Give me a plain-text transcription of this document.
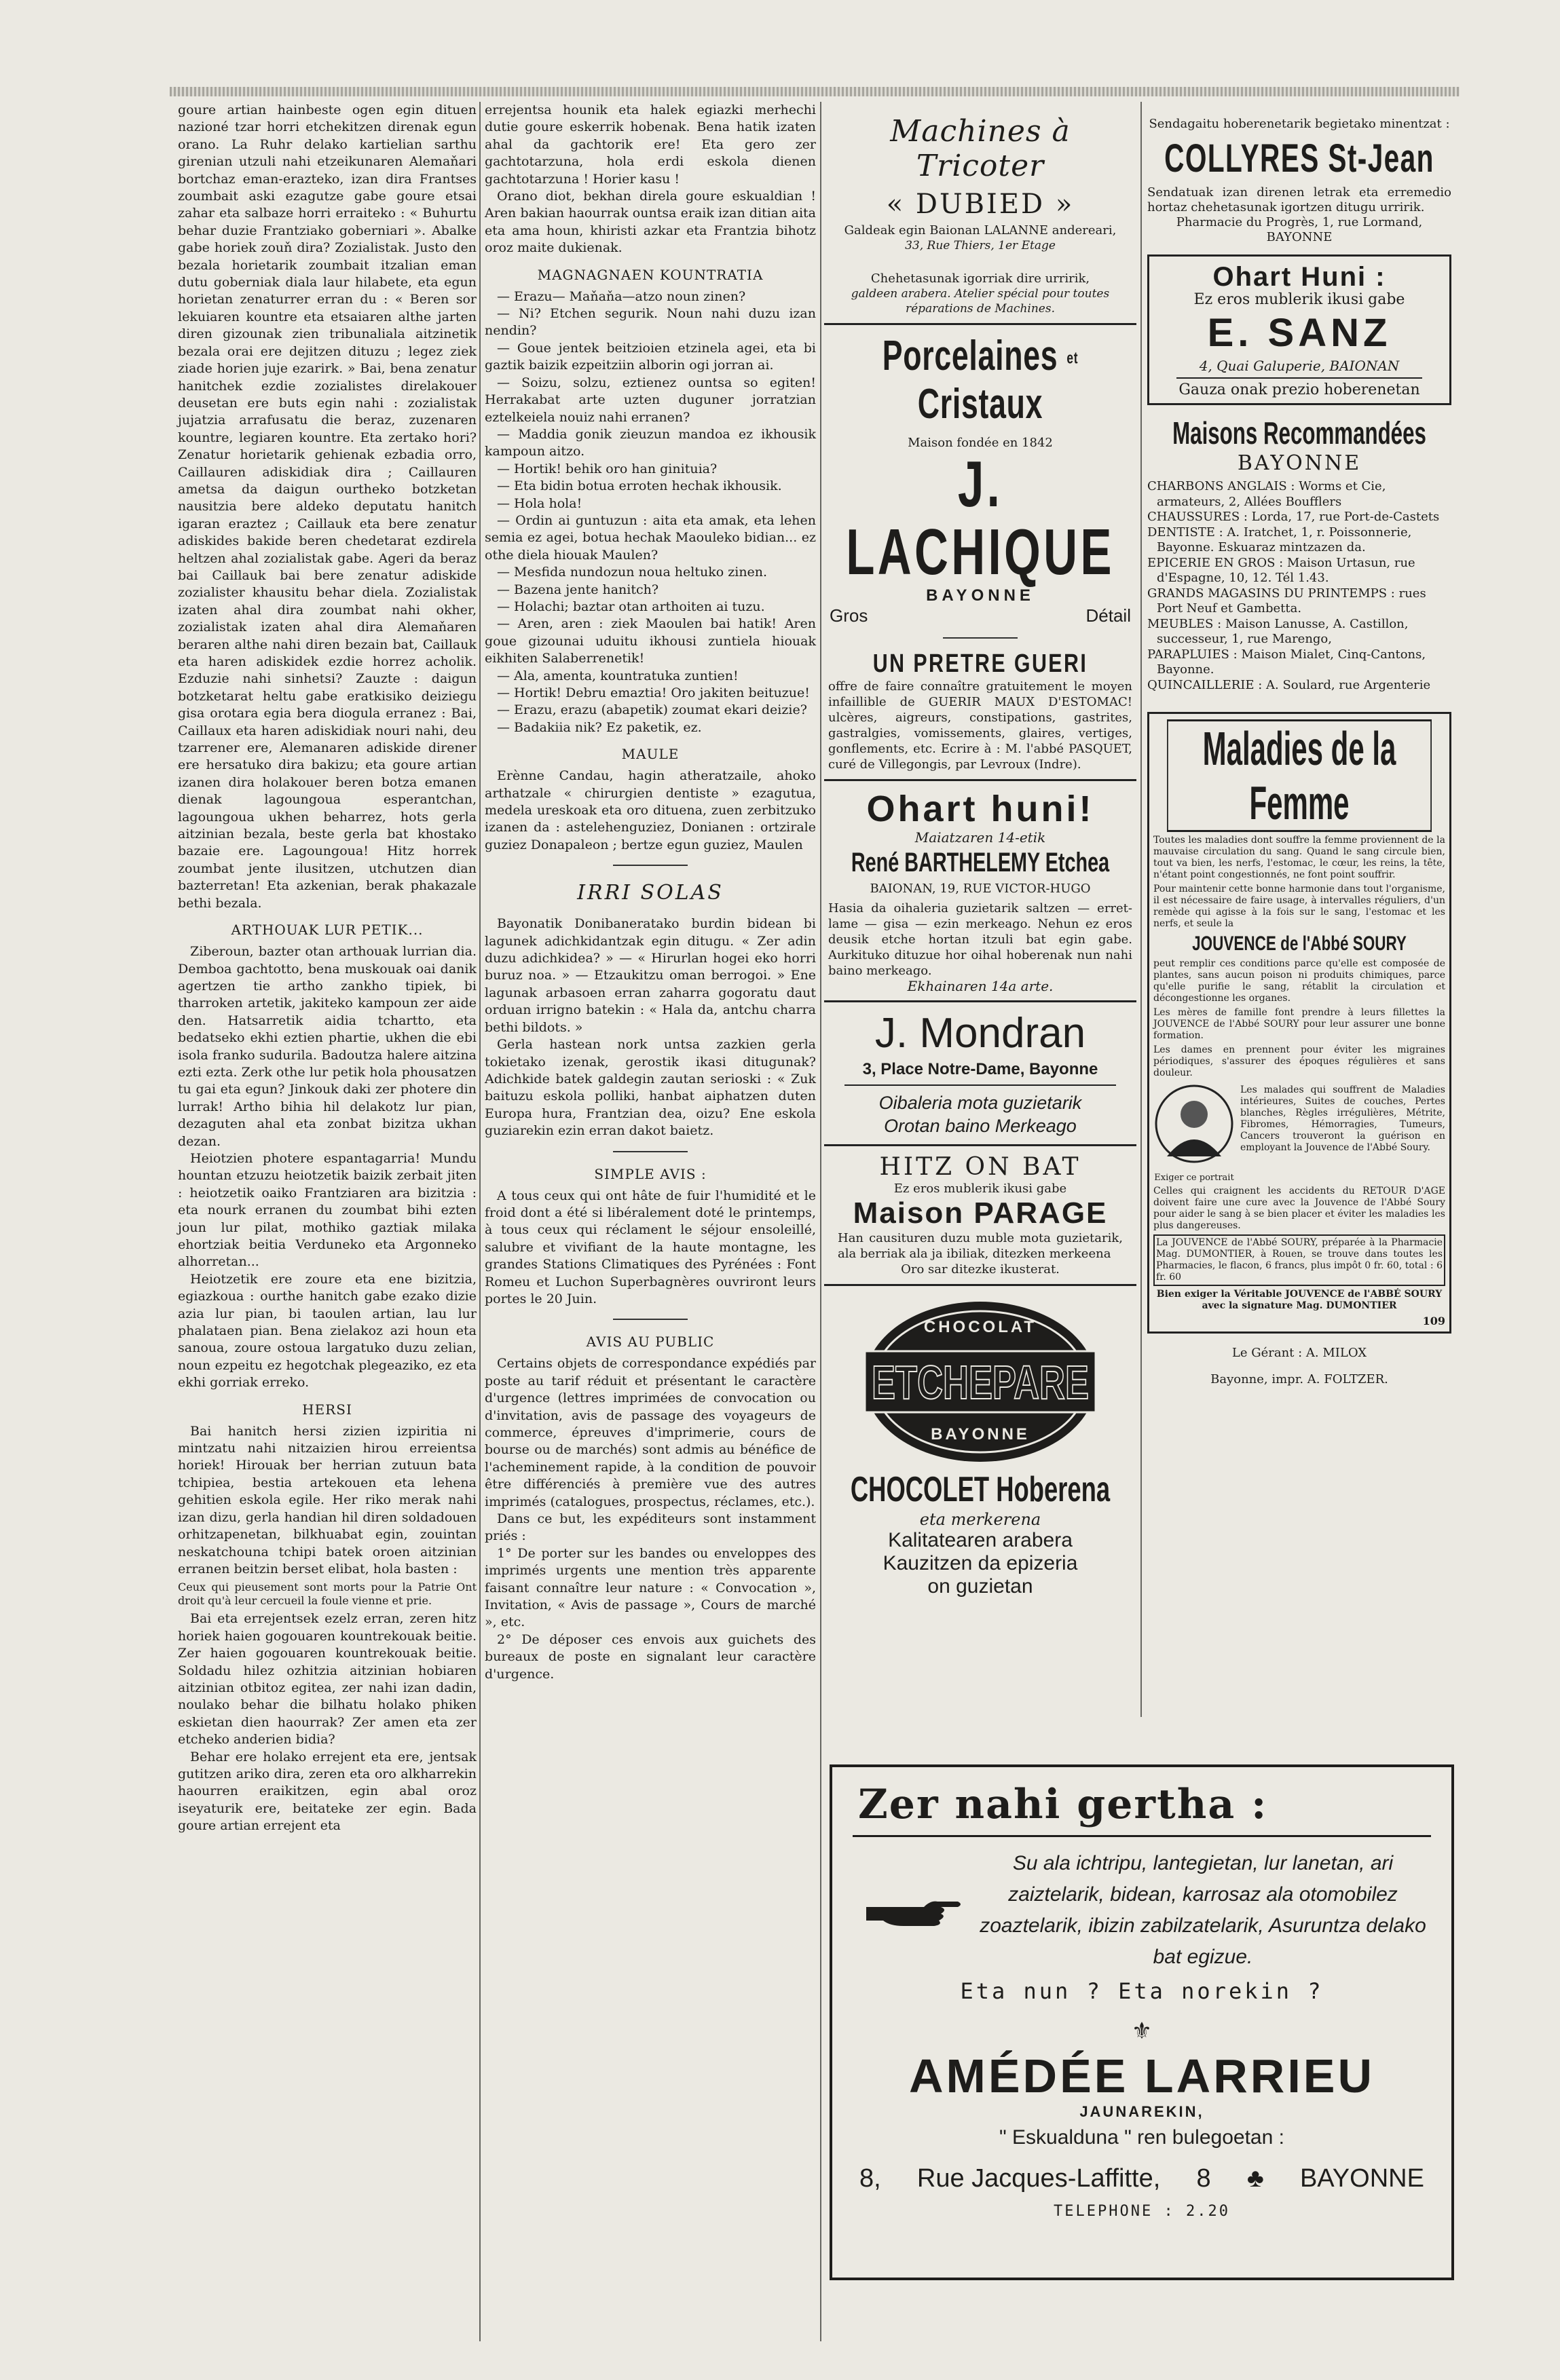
goure artian hainbeste ogen egin dituen nazioné tzar horri etchekitzen direnak egun orano. La Ruhr delako kartielian sarthu girenian utzuli nahi etzeikunaren Alemaňari bortchaz eman-erazteko, izan dira Frantses zoumbait aski ezagutze gabe goure etsai zahar eta salbaze horri erraiteko : « Buhurtu behar duzie Frantziako goberniari ». Abalke gabe horiek zouň dira? Zozialistak. Justo den bezala horietarik zoumbait itzalian eman dutu goberniak diala laur hilabete, eta egun horietan zenaturrer erran du : « Beren sor lekuiaren kountre eta etsaiaren althe jarten diren gizounak zien tribunaliala aitzinetik bezala orai ere dejitzen dituzu ; legez ziek ziade horien juje ezarirk. » Bai, bena zenatur hanitchek ezdie zozialistes direlakouer deusetan ere buts egin nahi : zozialistak jujatzia arrafusatu die beraz, zuzenaren kountre, legiaren kountre. Eta zertako hori? Zenatur horietarik gehienak ezbadia orro, Caillauren adiskidiak dira ; Caillauren ametsa da daigun ourtheko botzketan nausitzia bere aldeko deputatu hanitch igaran eraztez ; Caillauk eta bere zenatur adiskides bakide beren chedetarat ezdirela heltzen ahal zozialistak gabe. Ageri da beraz bai Caillauk bai bere zenatur adiskide zozialister khausitu behar diela. Zozialistak izaten ahal dira zoumbat nahi okher, zozialistak izaten ahal dira Alemaňaren beraren althe nahi diren bezain bat, Caillauk eta haren adiskidek ezdie horrez acholik. Ezduzie nahi sinhetsi? Zauzte : daigun botzketarat heltu gabe eratkisiko deiziegu gisa orotara egia bera diogula erranez : Bai, Caillaux eta haren adiskidiak nouri nahi, deu tzarrener ere, Alemanaren adiskide direner ere hersatuko dira bakizu; eta goure artian izanen dira holakouer beren botza emanen dienak lagoungoua esperantchan, lagoungoua ukhen beharrez, hots gerla aitzinian bezala, beste gerla bat khostako bazaie ere. Lagoungoua! Hitz horrek zoumbat jente ilusitzen, utchutzen dian bazterretan! Eta azkenian, berak phakazale bethi bezala.

ARTHOUAK LUR PETIK...

Ziberoun, bazter otan arthouak lurrian dia. Demboa gachtotto, bena muskouak oai danik agertzen tie artho zankho tipiek, bi tharroken artetik, jakiteko kampoun zer aide den. Hatsarretik aidia tchartto, eta bedatseko ekhi eztien phartie, ukhen die ebi isola franko sudurila. Badoutza halere aitzina ezti ezta. Zerk othe lur petik hola phousatzen tu gai eta egun? Jinkouk daki zer photere din lurrak! Artho bihia hil delakotz lur pian, dezaguten ahal eta zonbat bizitza ukhan dezan.

Heiotzien photere espantagarria! Mundu hountan etzuzu heiotzetik baizik zerbait jiten : heiotzetik oaiko Frantziaren ara bizitzia : eta nourk erranen du zoumbat bihi ezten joun lur pilat, mothiko gaztiak milaka ehortziak beitia Verduneko eta Argonneko alhorretan...

Heiotzetik ere zoure eta ene bizitzia, egiazkoua : ourthe hanitch gabe ezako dizie azia lur pian, bi taoulen artian, lau lur phalataen pian. Bena zielakoz azi houn eta sanoua, zoure ostoua largatuko duzu zelian, noun ezpeitu ez hegotchak plegeaziko, ez eta ekhi gorriak erreko.

HERSI

Bai hanitch hersi zizien izpiritia ni mintzatu nahi nitzaizien hirou erreientsa horiek! Hirouak ber herrian zutuun bata tchipiea, bestia artekouen eta lehena gehitien eskola egile. Her riko merak nahi izan dizu, gerla handian hil diren soldadouen orhitzapenetan, bilkhuabat egin, zouintan neskatchouna tchipi batek oroen aitzinian erranen beitzin berset elibat, hola basten :

Ceux qui pieusement sont morts pour la Patrie Ont droit qu'à leur cercueil la foule vienne et prie.

Bai eta errejentsek ezelz erran, zeren hitz horiek haien gogouaren kountrekouak beitie. Zer haien gogouaren kountrekouak beitie. Soldadu hilez ozhitzia aitzinian hobiaren aitzinian otbitoz egitea, zer nahi izan dadin, noulako behar die bilhatu holako phiken eskietan dien haourrak? Zer amen eta zer etcheko anderien bidia?

Behar ere holako errejent eta ere, jentsak gutitzen ariko dira, zeren eta oro alkharrekin haourren eraikitzen, egin abal oroz iseyaturik ere, beitateke zer egin. Bada goure artian errejent eta

errejentsa hounik eta halek egiazki merhechi dutie goure eskerrik hobenak. Bena hatik izaten ahal da gachtorik ere! Eta gero zer gachtotarzuna, hola erdi eskola dienen gachtotarzuna ! Horier kasu !

Orano diot, bekhan direla goure eskualdian ! Aren bakian haourrak ountsa eraik izan ditian aita eta ama houn, khiristi azkar eta Frantzia bihotz oroz maite dukienak.

MAGNAGNAEN KOUNTRATIA

— Erazu— Maňaňa—atzo noun zinen?

— Ni? Etchen segurik. Noun nahi duzu izan nendin?

— Goue jentek beitzioien etzinela agei, eta bi gaztik baizik ezpeitziin alborin ogi jorran ai.

— Soizu, solzu, eztienez ountsa so egiten! Herrakabat arte uzten duguner jorratzian eztelkeiela nouiz nahi erranen?

— Maddia gonik zieuzun mandoa ez ikhousik kampoun aitzo.

— Hortik! behik oro han ginituia?

— Eta bidin botua erroten hechak ikhousik.

— Hola hola!

— Ordin ai guntuzun : aita eta amak, eta lehen semia ez agei, botua hechak Maouleko bidian... ez othe diela hiouak Maulen?

— Mesfida nundozun noua heltuko zinen.

— Bazena jente hanitch?

— Holachi; baztar otan arthoiten ai tuzu.

— Aren, aren : ziek Maoulen bai hatik! Aren goue gizounai uduitu ikhousi zuntiela hiouak eikhiten Salaberrenetik!

— Ala, amenta, kountratuka zuntien!

— Hortik! Debru emaztia! Oro jakiten beituzue!

— Erazu, erazu (abapetik) zoumat ekari deizie?

— Badakiia nik? Ez paketik, ez.

MAULE

Erènne Candau, hagin atheratzaile, ahoko arthatzale « chirurgien dentiste » ezagutua, medela ureskoak eta oro dituena, zuen zerbitzuko izanen da : astelehenguziez, Donianen : ortzirale guziez Donapaleon ; bertze egun guziez, Maulen

IRRI SOLAS

Bayonatik Donibaneratako burdin bidean bi lagunek adichkidantzak egin ditugu. « Zer adin duzu adichkidea? » — « Hirurlan hogei eko horri buruz noa. » — Etzaukitzu oman berrogoi. » Ene lagunak arbasoen erran zaharra gogoratu daut orduan irrigno batekin : « Hala da, antchu charra bethi bildots. »

Gerla hastean nork untsa zazkien gerla tokietako izenak, gerostik ikasi ditugunak? Adichkide batek galdegin zautan serioski : « Zuk baituzu eskola polliki, hanbat aiphatzen duten Europa hura, Frantzian dea, oizu? Ene eskola guziarekin ezin erran dakot baietz.

SIMPLE AVIS :

A tous ceux qui ont hâte de fuir l'humidité et le froid dont a été si libéralement doté le printemps, à tous ceux qui réclament le séjour ensoleillé, salubre et vivifiant de la haute montagne, les grandes Stations Climatiques des Pyrénées : Font Romeu et Luchon Superbagnères ouvriront leurs portes le 20 Juin.

AVIS AU PUBLIC

Certains objets de correspondance expédiés par poste au tarif réduit et présentant le caractère d'urgence (lettres imprimées de convocation ou d'invitation, avis de passage des voyageurs de commerce, épreuves d'imprimerie, cours de bourse ou de marchés) sont admis au bénéfice de l'acheminement rapide, à la condition de pouvoir être différenciés à première vue des autres imprimés (catalogues, prospectus, réclames, etc.).

Dans ce but, les expéditeurs sont instamment priés :

1° De porter sur les bandes ou enveloppes des imprimés urgents une mention très apparente faisant connaître leur nature : « Convocation », Invitation, « Avis de passage », Cours de marché », etc.

2° De déposer ces envois aux guichets des bureaux de poste en signalant leur caractère d'urgence.

Machines à Tricoter
« DUBIED »
Galdeak egin Baionan LALANNE andereari,
33, Rue Thiers, 1er Etage
Chehetasunak igorriak dire urririk,
galdeen arabera. Atelier spécial pour toutes réparations de Machines.
Porcelaines et Cristaux
Maison fondée en 1842
J. LACHIQUE
BAYONNE
Gros	Détail
UN PRETRE GUERI
offre de faire connaître gratuitement le moyen infaillible de GUERIR MAUX D'ESTOMAC! ulcères, aigreurs, constipations, gastrites, gastralgies, vomissements, glaires, vertiges, gonflements, etc. Ecrire à : M. l'abbé PASQUET, curé de Villegongis, par Levroux (Indre).
Ohart huni!
Maiatzaren 14-etik
René BARTHELEMY Etchea
BAIONAN, 19, RUE VICTOR-HUGO
Hasia da oihaleria guzietarik saltzen — erret-lame — gisa — ezin merkeago. Nehun ez eros deusik etche hortan itzuli bat egin gabe. Aurkituko dituzue hor oihal hoberenak nun nahi baino merkeago.
Ekhainaren 14a arte.
J. Mondran
3, Place Notre-Dame, Bayonne
Oibaleria mota guzietarik
Orotan baino Merkeago
HITZ ON BAT
Ez eros mublerik ikusi gabe
Maison PARAGE
Han causituren duzu muble mota guzietarik, ala berriak ala ja ibiliak, ditezken merkeena
Oro sar ditezke ikusterat.
CHOCOLAT
ETCHEPARE
BAYONNE
CHOCOLET Hoberena
eta merkerena
Kalitatearen arabera
Kauzitzen da epizeria
on guzietan
Sendagaitu hoberenetarik begietako minentzat :
COLLYRES St-Jean
Sendatuak izan direnen letrak eta erremedio hortaz chehetasunak igortzen ditugu urririk.
Pharmacie du Progrès, 1, rue Lormand, BAYONNE
Ohart Huni :
Ez eros mublerik ikusi gabe
E. SANZ
4, Quai Galuperie, BAIONAN
Gauza onak prezio hoberenetan
Maisons Recommandées
BAYONNE

CHARBONS ANGLAIS : Worms et Cie, armateurs, 2, Allées Boufflers

CHAUSSURES : Lorda, 17, rue Port-de-Castets

DENTISTE : A. Iratchet, 1, r. Poissonnerie, Bayonne. Eskuaraz mintzazen da.

EPICERIE EN GROS : Maison Urtasun, rue d'Espagne, 10, 12. Tél 1.43.

GRANDS MAGASINS DU PRINTEMPS : rues Port Neuf et Gambetta.

MEUBLES : Maison Lanusse, A. Castillon, successeur, 1, rue Marengo,

PARAPLUIES : Maison Mialet, Cinq-Cantons, Bayonne.

QUINCAILLERIE : A. Soulard, rue Argenterie

Maladies de la Femme

Toutes les maladies dont souffre la femme proviennent de la mauvaise circulation du sang. Quand le sang circule bien, tout va bien, les nerfs, l'estomac, le cœur, les reins, la tête, n'étant point congestionnés, ne font point souffrir.

Pour maintenir cette bonne harmonie dans tout l'organisme, il est nécessaire de faire usage, à intervalles réguliers, d'un remède qui agisse à la fois sur le sang, l'estomac et les nerfs, et seule la

JOUVENCE de l'Abbé SOURY

peut remplir ces conditions parce qu'elle est composée de plantes, sans aucun poison ni produits chimiques, parce qu'elle purifie le sang, rétablit la circulation et décongestionne les organes.

Les mères de famille font prendre à leurs fillettes la JOUVENCE de l'Abbé SOURY pour leur assurer une bonne formation.

Les dames en prennent pour éviter les migraines périodiques, s'assurer des époques régulières et sans douleur.

Exiger ce portrait

Les malades qui souffrent de Maladies intérieures, Suites de couches, Pertes blanches, Règles irrégulières, Métrite, Fibromes, Hémorragies, Tumeurs, Cancers trouveront la guérison en employant la Jouvence de l'Abbé Soury.

Celles qui craignent les accidents du RETOUR D'AGE doivent faire une cure avec la Jouvence de l'Abbé Soury pour aider le sang à se bien placer et éviter les maladies les plus dangereuses.

La JOUVENCE de l'Abbé SOURY, préparée à la Pharmacie Mag. DUMONTIER, à Rouen, se trouve dans toutes les Pharmacies, le flacon, 6 francs, plus impôt 0 fr. 60, total : 6 fr. 60

Bien exiger la Véritable JOUVENCE de l'ABBÉ SOURY avec la signature Mag. DUMONTIER

109
Le Gérant : A. MILOX
Bayonne, impr. A. FOLTZER.
Zer nahi gertha :
Su ala ichtripu, lantegietan, lur lanetan, ari zaiztelarik, bidean, karrosaz ala otomobilez zoaztelarik, ibizin zabilzatelarik, Asuruntza delako bat egizue.
Eta nun ? Eta norekin ?
⚜
AMÉDÉE LARRIEU
JAUNAREKIN,
" Eskualduna " ren bulegoetan :
8, Rue Jacques-Laffitte, 8 ♣ BAYONNE
TELEPHONE : 2.20
